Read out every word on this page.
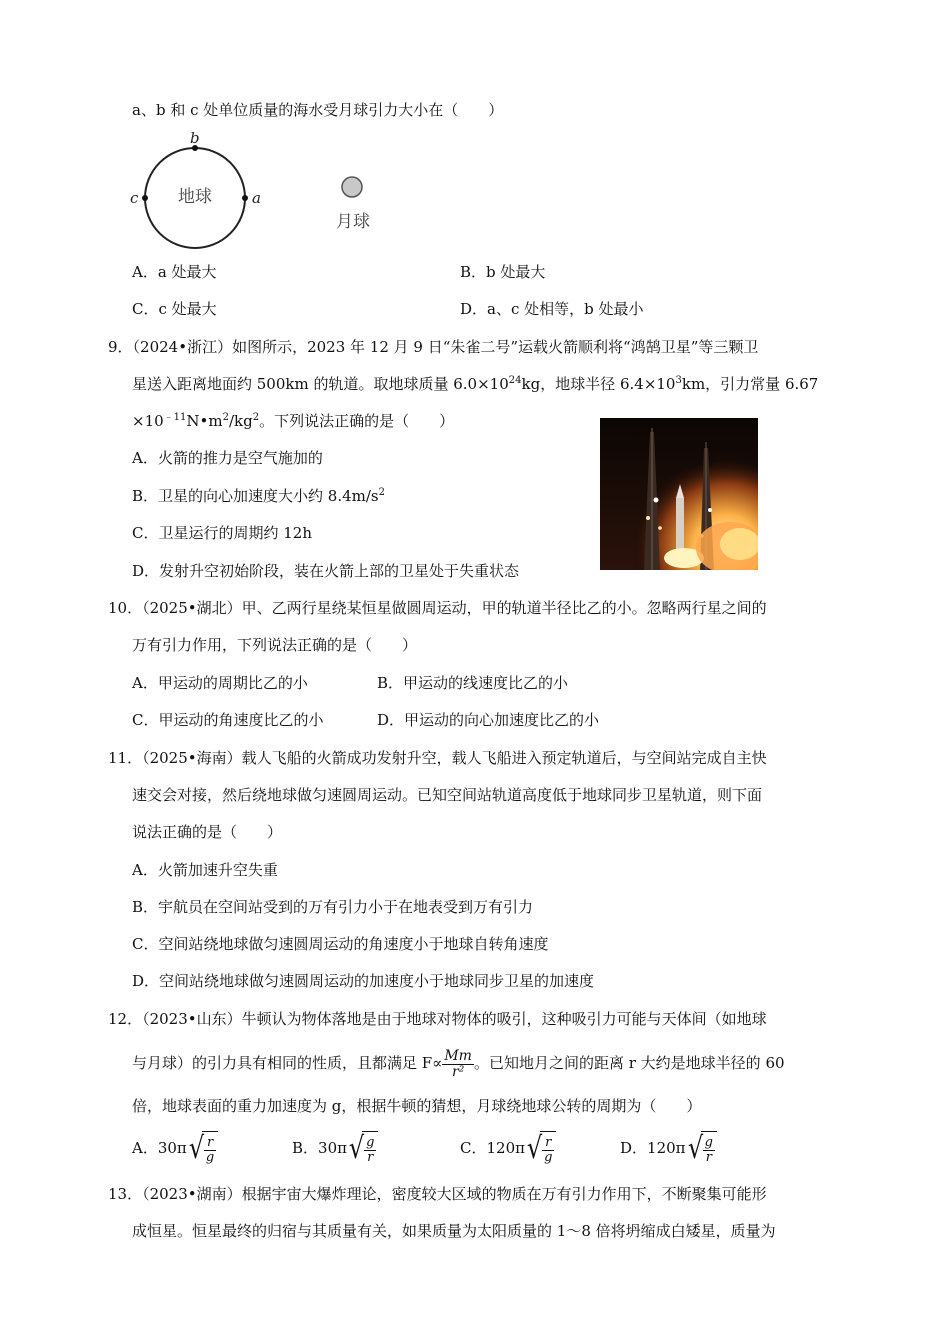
a、b 和 c 处单位质量的海水受月球引力大小在（　　）
地球
b
c	a
月球
A．a 处最大	B．b 处最大
C．c 处最大	D．a、c 处相等，b 处最小
9．（2024•浙江）如图所示，2023 年 12 月 9 日“朱雀二号”运载火箭顺利将“鸿鹄卫星”等三颗卫
星送入距离地面约 500km 的轨道。取地球质量 $6.0\times 10^{24}kg$，地球半径 $6.4\times 10^3km$，引力常量 6.67
$\times 10^{﹣11}N•m^2/kg^2$。下列说法正确的是（　　）
A．火箭的推力是空气施加的
B．卫星的向心加速度大小约 $8.4m/s^2$
C．卫星运行的周期约 12h
D．发射升空初始阶段，装在火箭上部的卫星处于失重状态
10．（2025•湖北）甲、乙两行星绕某恒星做圆周运动，甲的轨道半径比乙的小。忽略两行星之间的
万有引力作用，下列说法正确的是（　　）
A．甲运动的周期比乙的小	B．甲运动的线速度比乙的小
C．甲运动的角速度比乙的小	D．甲运动的向心加速度比乙的小
11．（2025•海南）载人飞船的火箭成功发射升空，载人飞船进入预定轨道后，与空间站完成自主快
速交会对接，然后绕地球做匀速圆周运动。已知空间站轨道高度低于地球同步卫星轨道，则下面
说法正确的是（　　）
A．火箭加速升空失重
B．宇航员在空间站受到的万有引力小于在地表受到万有引力
C．空间站绕地球做匀速圆周运动的角速度小于地球自转角速度
D．空间站绕地球做匀速圆周运动的加速度小于地球同步卫星的加速度
12．（2023•山东）牛顿认为物体落地是由于地球对物体的吸引，这种吸引力可能与天体间（如地球
与月球）的引力具有相同的性质，且都满足 $F\propto \frac{Mm}{\text{r²}}$ 。已知地月之间的距离 r 大约是地球半径的 60
倍，地球表面的重力加速度为 g，根据牛顿的猜想，月球绕地球公转的周期为（　　）
A．$30\pi√ \frac{r}{g}$	B．$30\pi√ \frac{g}{r}$	C．$120\pi√ \frac{r}{g}$	D．$120\pi√ \frac{g}{r}$
13．（2023•湖南）根据宇宙大爆炸理论，密度较大区域的物质在万有引力作用下，不断聚集可能形
成恒星。恒星最终的归宿与其质量有关，如果质量为太阳质量的 1～8 倍将坍缩成白矮星，质量为
